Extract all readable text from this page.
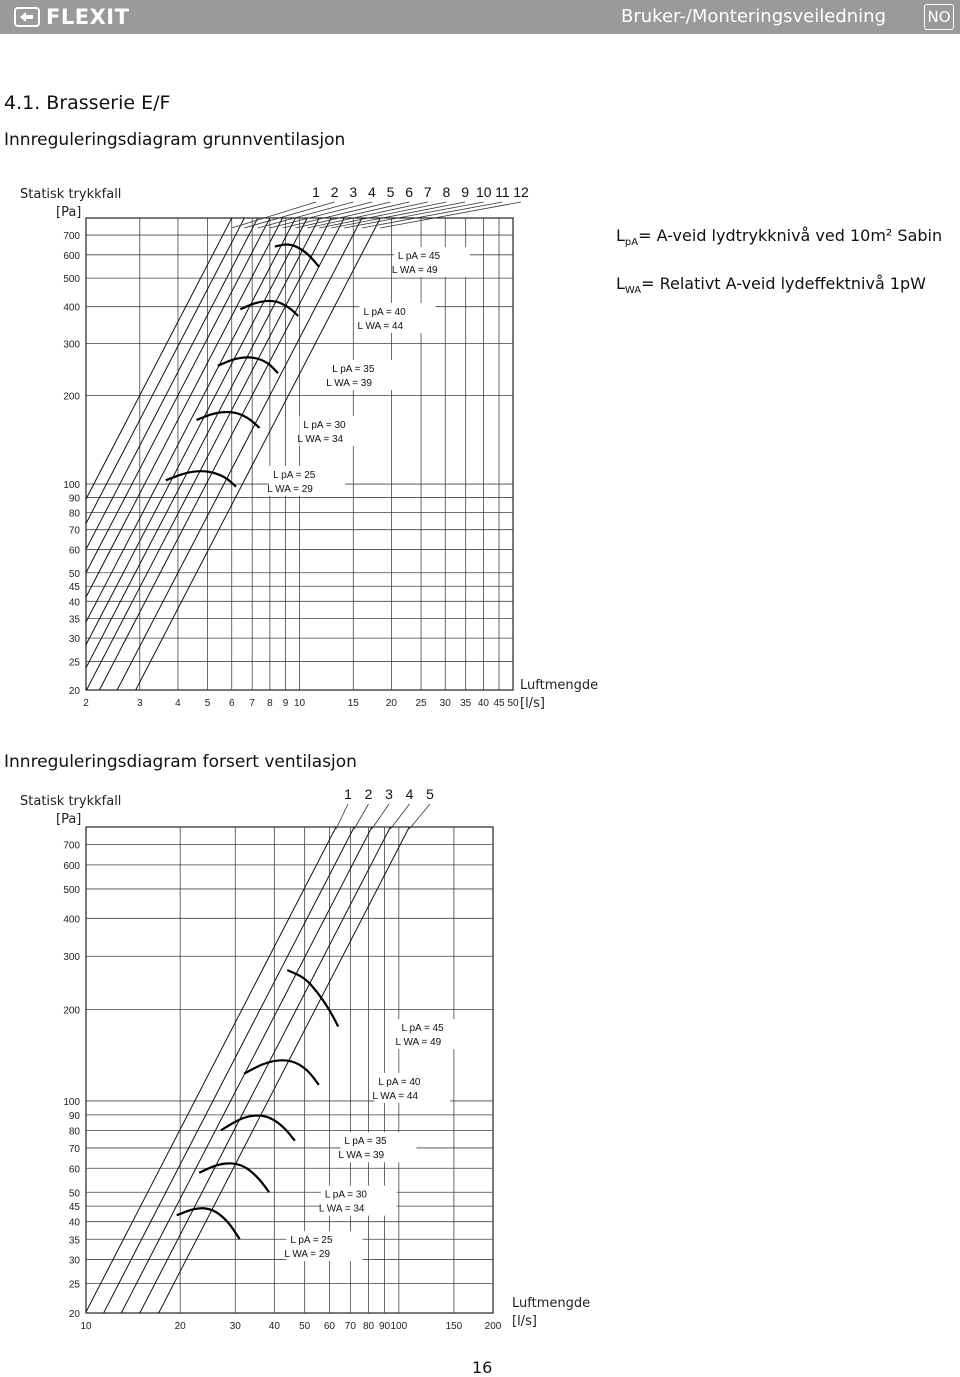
FLEXIT	Bruker-/Monteringsveiledning	NO
4.1. Brasserie E/F
Innreguleringsdiagram grunnventilasjon
Innreguleringsdiagram forsert ventilasjon
$L_{pA}=$ A-veid lydtrykknivå ved 10m² Sabin
$L_{WA}=$ Relativt A-veid lydeffektnivå 1pW
2	3	4 5 6 7 8 9 10	15	20 25 30 35 40 45 50
20
25
30
35
40
45
50
60
70
80
90
100
200
300
400
500
600
700
Statisk trykkfall
[Pa]
Luftmengde
[l/s]
1 2 3 4 5 6 7 8 9 10 11 12
L pA = 25
L WA = 29
L pA = 30
L WA = 34
L pA = 35
L WA = 39
L pA = 40
L WA = 44
L pA = 45
L WA = 49
10	20	30	40 50 60 70 80 90 100	150 200
20
25
30
35
40
45
50
60
70
80
90
100
200
300
400
500
600
700
Statisk trykkfall
[Pa]
Luftmengde
[l/s]
1 2 3 4 5
L pA = 25
L WA = 29
L pA = 30
L WA = 34
L pA = 35
L WA = 39
L pA = 40
L WA = 44
L pA = 45
L WA = 49
16
